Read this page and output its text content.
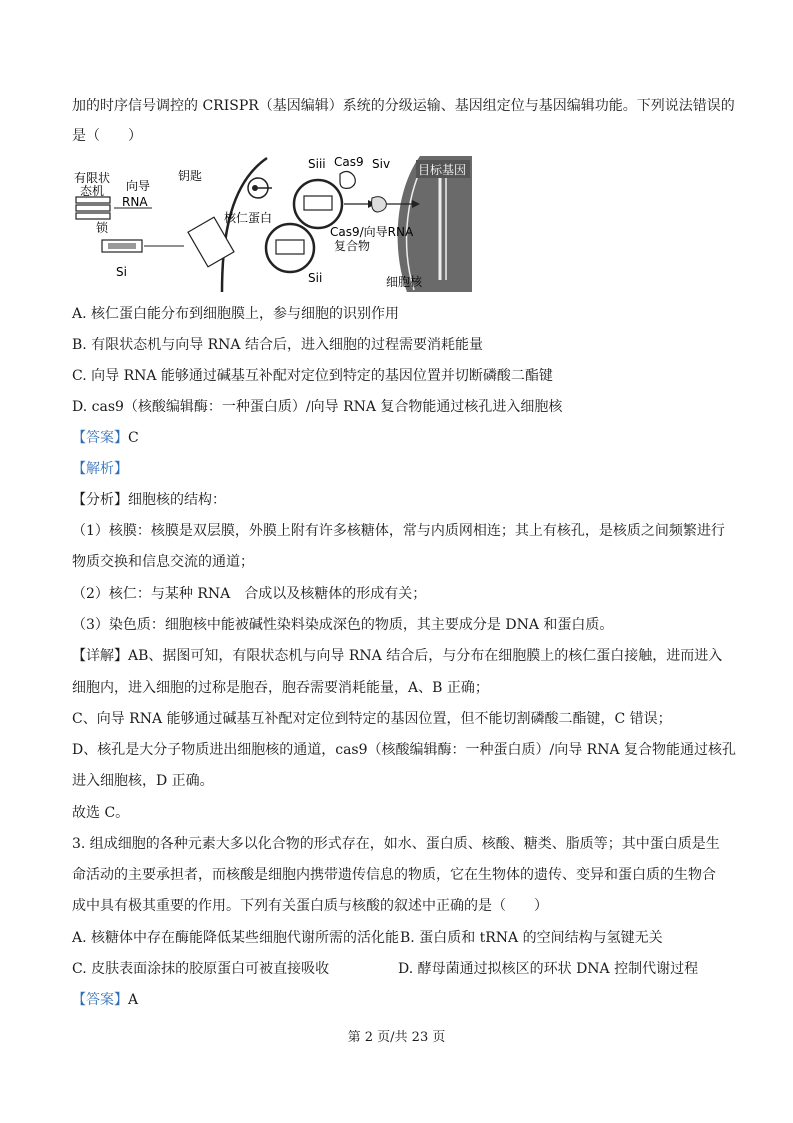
加的时序信号调控的 CRISPR（基因编辑）系统的分级运输、基因组定位与基因编辑功能。下列说法错误的
是（　　）
目标基因
有限状
态机
锁
向导
RNA
Si
钥匙
核仁蛋白
Sii
Siii Cas9 Siv
Cas9/向导RNA
复合物
细胞核
A. 核仁蛋白能分布到细胞膜上，参与细胞的识别作用
B. 有限状态机与向导 RNA 结合后，进入细胞的过程需要消耗能量
C. 向导 RNA 能够通过碱基互补配对定位到特定的基因位置并切断磷酸二酯键
D. cas9（核酸编辑酶：一种蛋白质）/向导 RNA 复合物能通过核孔进入细胞核
【答案】C
【解析】
【分析】细胞核的结构：
（1）核膜：核膜是双层膜，外膜上附有许多核糖体，常与内质网相连；其上有核孔，是核质之间频繁进行
物质交换和信息交流的通道；
（2）核仁：与某种 RNA　合成以及核糖体的形成有关；
（3）染色质：细胞核中能被碱性染料染成深色的物质，其主要成分是 DNA 和蛋白质。
【详解】AB、据图可知，有限状态机与向导 RNA 结合后，与分布在细胞膜上的核仁蛋白接触，进而进入
细胞内，进入细胞的过称是胞吞，胞吞需要消耗能量，A、B 正确；
C、向导 RNA 能够通过碱基互补配对定位到特定的基因位置，但不能切割磷酸二酯键，C 错误；
D、核孔是大分子物质进出细胞核的通道，cas9（核酸编辑酶：一种蛋白质）/向导 RNA 复合物能通过核孔
进入细胞核，D 正确。
故选 C。
3. 组成细胞的各种元素大多以化合物的形式存在，如水、蛋白质、核酸、糖类、脂质等；其中蛋白质是生
命活动的主要承担者，而核酸是细胞内携带遗传信息的物质，它在生物体的遗传、变异和蛋白质的生物合
成中具有极其重要的作用。下列有关蛋白质与核酸的叙述中正确的是（　　）
A. 核糖体中存在酶能降低某些细胞代谢所需的活化能 B. 蛋白质和 tRNA 的空间结构与氢键无关
C. 皮肤表面涂抹的胶原蛋白可被直接吸收	D. 酵母菌通过拟核区的环状 DNA 控制代谢过程
【答案】A
第 2 页/共 23 页
